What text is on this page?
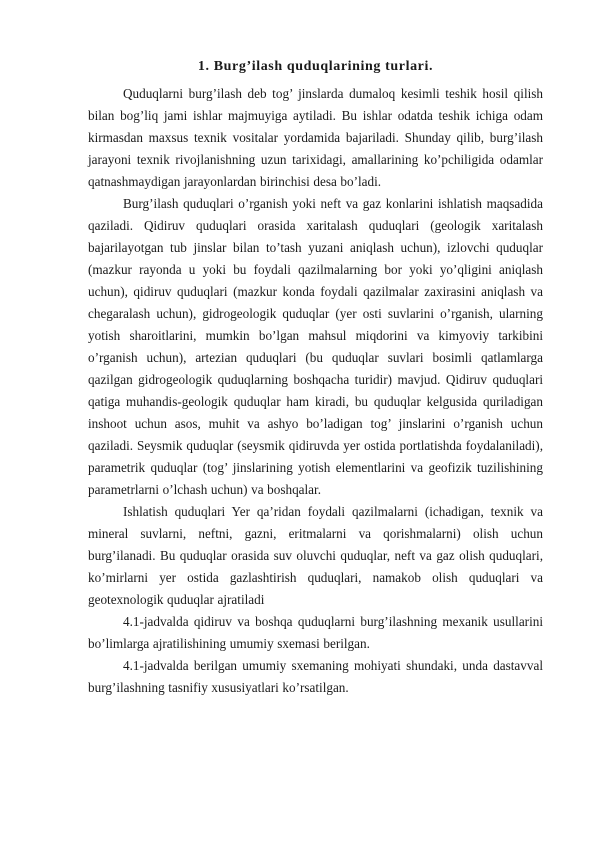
1. Burg’ilash quduqlarining turlari.

Quduqlarni burg’ilash deb tog’ jinslarda dumaloq kesimli teshik hosil qilish bilan bog’liq jami ishlar majmuyiga aytiladi. Bu ishlar odatda teshik ichiga odam kirmasdan maxsus texnik vositalar yordamida bajariladi. Shunday qilib, burg’ilash jarayoni texnik rivojlanishning uzun tarixidagi, amallarining ko’pchiligida odamlar qatnashmaydigan jarayonlardan birinchisi desa bo’ladi.

Burg’ilash quduqlari o’rganish yoki neft va gaz konlarini ishlatish maqsadida qaziladi. Qidiruv quduqlari orasida xaritalash quduqlari (geologik xaritalash bajarilayotgan tub jinslar bilan to’tash yuzani aniqlash uchun), izlovchi quduqlar (mazkur rayonda u yoki bu foydali qazilmalarning bor yoki yo’qligini aniqlash uchun), qidiruv quduqlari (mazkur konda foydali qazilmalar zaxirasini aniqlash va chegaralash uchun), gidrogeologik quduqlar (yer osti suvlarini o’rganish, ularning yotish sharoitlarini, mumkin bo’lgan mahsul miqdorini va kimyoviy tarkibini o’rganish uchun), artezian quduqlari (bu quduqlar suvlari bosimli qatlamlarga qazilgan gidrogeologik quduqlarning boshqacha turidir) mavjud. Qidiruv quduqlari qatiga muhandis-geologik quduqlar ham kiradi, bu quduqlar kelgusida quriladigan inshoot uchun asos, muhit va ashyo bo’ladigan tog’ jinslarini o’rganish uchun qaziladi. Seysmik quduqlar (seysmik qidiruvda yer ostida portlatishda foydalaniladi), parametrik quduqlar (tog’ jinslarining yotish elementlarini va geofizik tuzilishining parametrlarni o’lchash uchun) va boshqalar.

Ishlatish quduqlari Yer qa’ridan foydali qazilmalarni (ichadigan, texnik va mineral suvlarni, neftni, gazni, eritmalarni va qorishmalarni) olish uchun burg’ilanadi. Bu quduqlar orasida suv oluvchi quduqlar, neft va gaz olish quduqlari, ko’mirlarni yer ostida gazlashtirish quduqlari, namakob olish quduqlari va geotexnologik quduqlar ajratiladi

4.1-jadvalda qidiruv va boshqa quduqlarni burg’ilashning mexanik usullarini bo’limlarga ajratilishining umumiy sxemasi berilgan.

4.1-jadvalda berilgan umumiy sxemaning mohiyati shundaki, unda dastavval burg’ilashning tasnifiy xususiyatlari ko’rsatilgan.
